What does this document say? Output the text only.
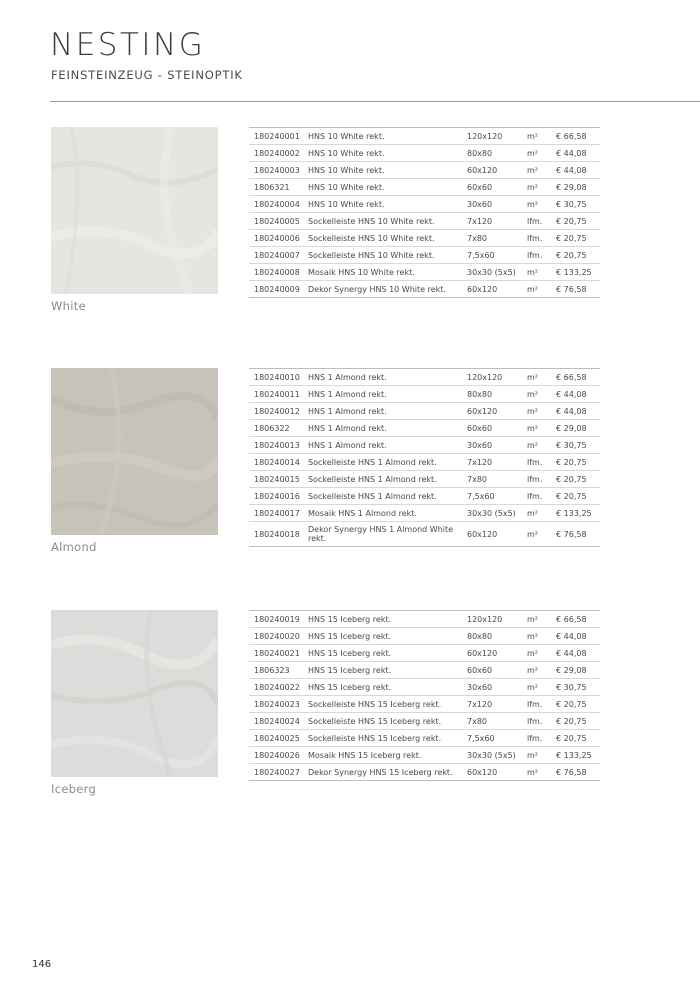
NESTING
FEINSTEINZEUG - STEINOPTIK
White
180240001	HNS 10 White rekt.	120x120	m²	€ 66,58
180240002	HNS 10 White rekt.	80x80	m²	€ 44,08
180240003	HNS 10 White rekt.	60x120	m²	€ 44,08
1806321	HNS 10 White rekt.	60x60	m²	€ 29,08
180240004	HNS 10 White rekt.	30x60	m²	€ 30,75
180240005	Sockelleiste HNS 10 White rekt.	7x120	lfm.	€ 20,75
180240006	Sockelleiste HNS 10 White rekt.	7x80	lfm.	€ 20,75
180240007	Sockelleiste HNS 10 White rekt.	7,5x60	lfm.	€ 20,75
180240008	Mosaik HNS 10 White rekt.	30x30 (5x5)	m²	€ 133,25
180240009	Dekor Synergy HNS 10 White rekt.	60x120	m²	€ 76,58
Almond
180240010	HNS 1 Almond rekt.	120x120	m²	€ 66,58
180240011	HNS 1 Almond rekt.	80x80	m²	€ 44,08
180240012	HNS 1 Almond rekt.	60x120	m²	€ 44,08
1806322	HNS 1 Almond rekt.	60x60	m²	€ 29,08
180240013	HNS 1 Almond rekt.	30x60	m²	€ 30,75
180240014	Sockelleiste HNS 1 Almond rekt.	7x120	lfm.	€ 20,75
180240015	Sockelleiste HNS 1 Almond rekt.	7x80	lfm.	€ 20,75
180240016	Sockelleiste HNS 1 Almond rekt.	7,5x60	lfm.	€ 20,75
180240017	Mosaik HNS 1 Almond rekt.	30x30 (5x5)	m²	€ 133,25
180240018	Dekor Synergy HNS 1 Almond White rekt.	60x120	m²	€ 76,58
Iceberg
180240019	HNS 15 Iceberg rekt.	120x120	m²	€ 66,58
180240020	HNS 15 Iceberg rekt.	80x80	m²	€ 44,08
180240021	HNS 15 Iceberg rekt.	60x120	m²	€ 44,08
1806323	HNS 15 Iceberg rekt.	60x60	m²	€ 29,08
180240022	HNS 15 Iceberg rekt.	30x60	m²	€ 30,75
180240023	Sockelleiste HNS 15 Iceberg rekt.	7x120	lfm.	€ 20,75
180240024	Sockelleiste HNS 15 Iceberg rekt.	7x80	lfm.	€ 20,75
180240025	Sockelleiste HNS 15 Iceberg rekt.	7,5x60	lfm.	€ 20,75
180240026	Mosaik HNS 15 Iceberg rekt.	30x30 (5x5)	m²	€ 133,25
180240027	Dekor Synergy HNS 15 Iceberg rekt.	60x120	m²	€ 76,58
146
